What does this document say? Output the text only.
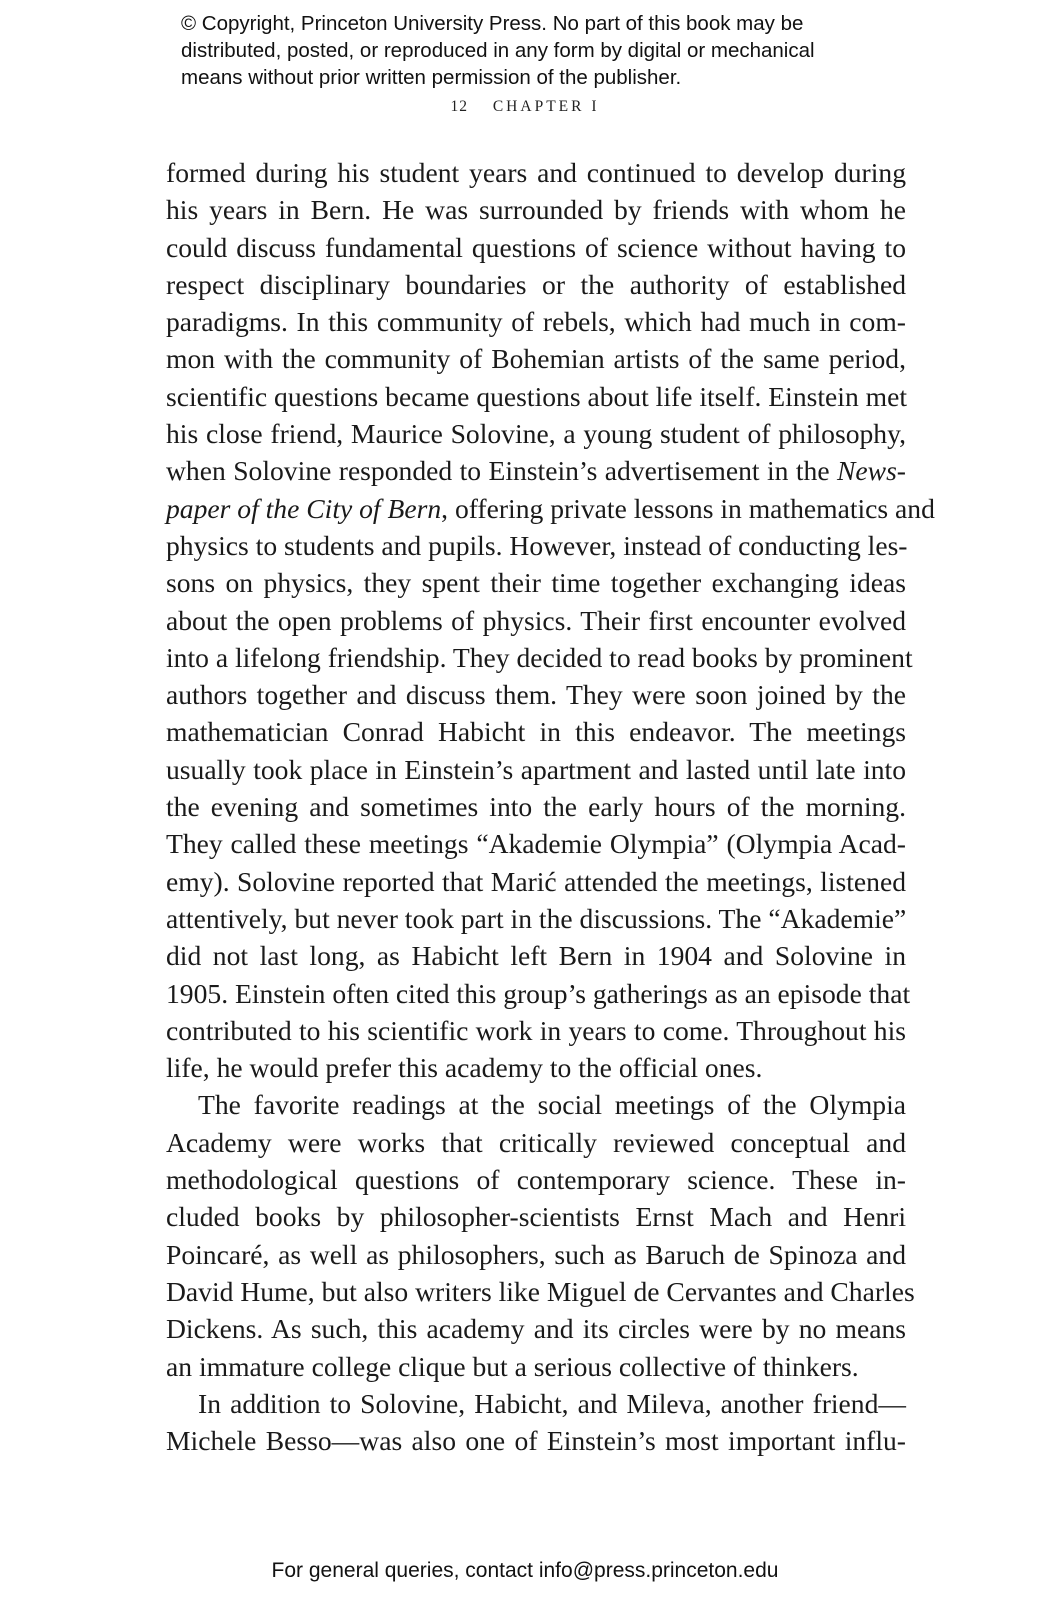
© Copyright, Princeton University Press. No part of this book may be
distributed, posted, or reproduced in any form by digital or mechanical
means without prior written permission of the publisher.
12 CHAPTER I
formed during his student years and continued to develop during
his years in Bern. He was surrounded by friends with whom he
could discuss fundamental questions of science without having to
respect disciplinary boundaries or the authority of established
paradigms. In this community of rebels, which had much in com-
mon with the community of Bohemian artists of the same period,
scientific questions became questions about life itself. Einstein met
his close friend, Maurice Solovine, a young student of philosophy,
when Solovine responded to Einstein’s advertisement in the News-
paper of the City of Bern, offering private lessons in mathematics and
physics to students and pupils. However, instead of conducting les-
sons on physics, they spent their time together exchanging ideas
about the open problems of physics. Their first encounter evolved
into a lifelong friendship. They decided to read books by prominent
authors together and discuss them. They were soon joined by the
mathematician Conrad Habicht in this endeavor. The meetings
usually took place in Einstein’s apartment and lasted until late into
the evening and sometimes into the early hours of the morning.
They called these meetings “Akademie Olympia” (Olympia Acad-
emy). Solovine reported that Marić attended the meetings, listened
attentively, but never took part in the discussions. The “Akademie”
did not last long, as Habicht left Bern in 1904 and Solovine in
1905. Einstein often cited this group’s gatherings as an episode that
contributed to his scientific work in years to come. Throughout his
life, he would prefer this academy to the official ones.
The favorite readings at the social meetings of the Olympia
Academy were works that critically reviewed conceptual and
methodological questions of contemporary science. These in-
cluded books by philosopher-scientists Ernst Mach and Henri
Poincaré, as well as philosophers, such as Baruch de Spinoza and
David Hume, but also writers like Miguel de Cervantes and Charles
Dickens. As such, this academy and its circles were by no means
an immature college clique but a serious collective of thinkers.
In addition to Solovine, Habicht, and Mileva, another friend—
Michele Besso—was also one of Einstein’s most important influ-
For general queries, contact info@press.princeton.edu
